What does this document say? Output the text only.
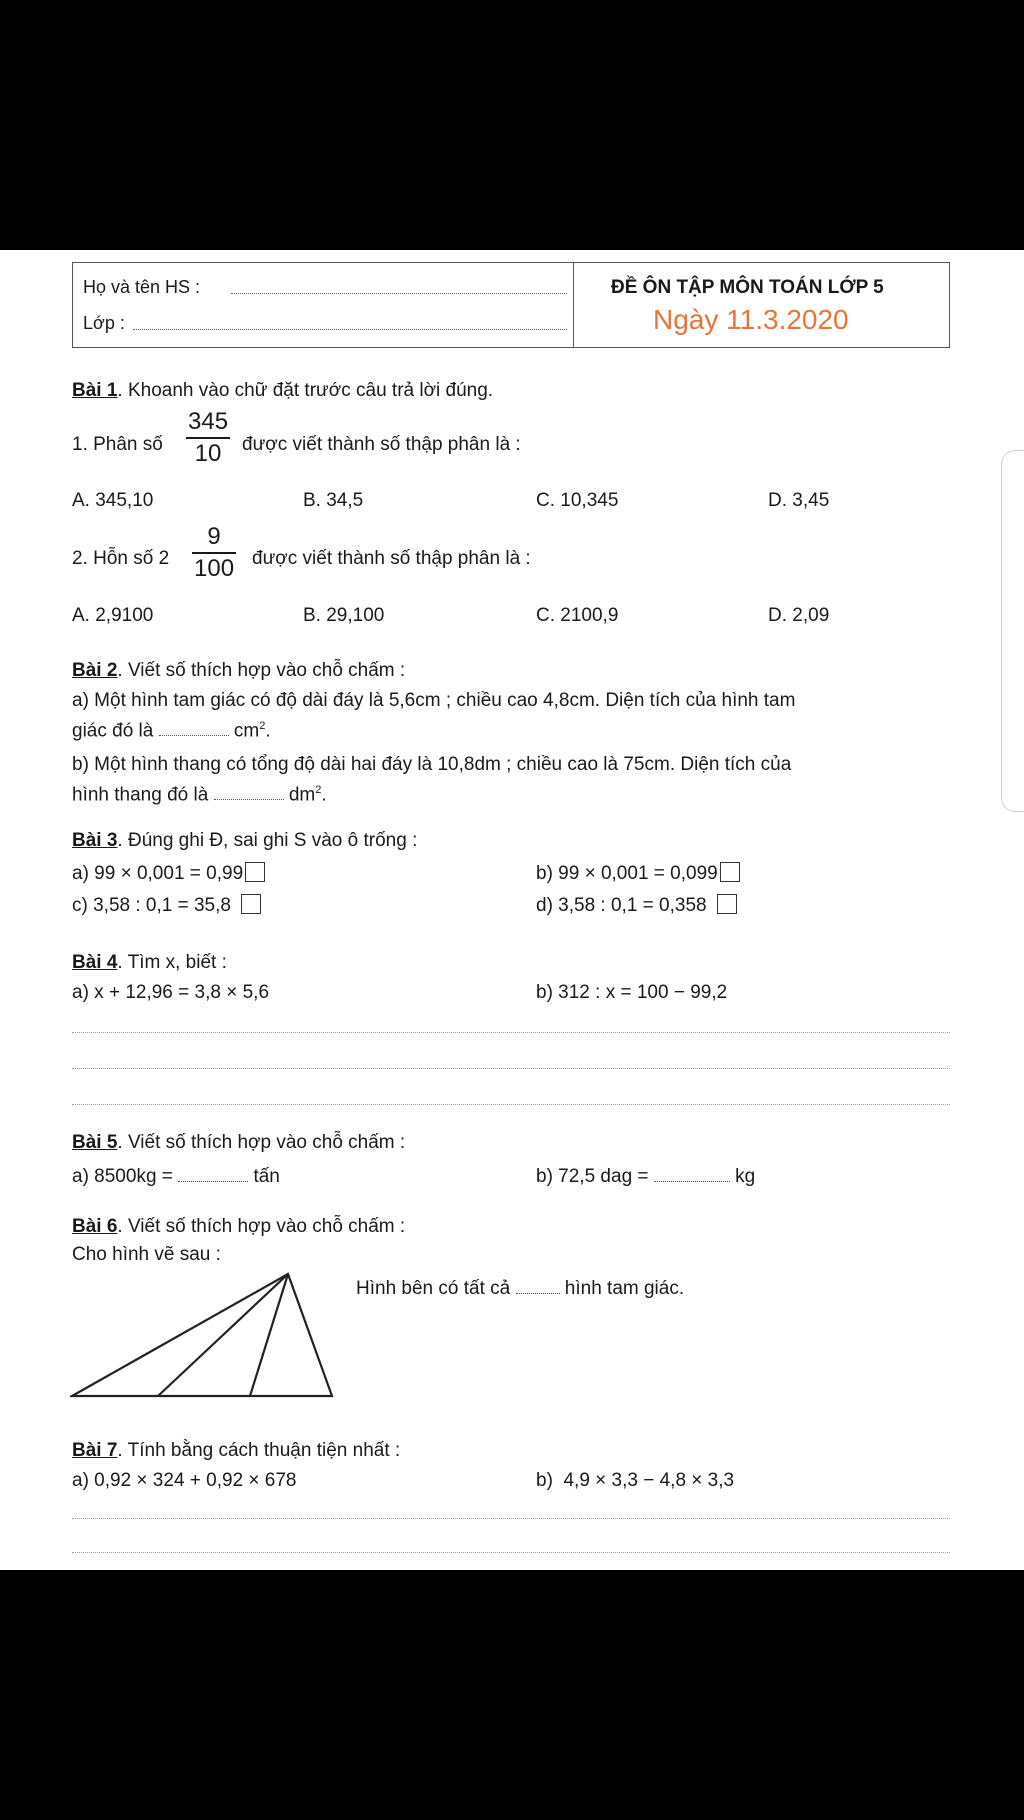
Họ và tên HS :
Lớp :
ĐỀ ÔN TẬP MÔN TOÁN LỚP 5
Ngày 11.3.2020
Bài 1. Khoanh vào chữ đặt trước câu trả lời đúng.
1. Phân số
345
10	được viết thành số thập phân là :
A. 345,10	B. 34,5	C. 10,345	D. 3,45
2. Hỗn số 2
9
100 được viết thành số thập phân là :
A. 2,9100	B. 29,100	C. 2100,9	D. 2,09
Bài 2. Viết số thích hợp vào chỗ chấm :
a) Một hình tam giác có độ dài đáy là 5,6cm ; chiều cao 4,8cm. Diện tích của hình tam
giác đó là	$cm^2$.
b) Một hình thang có tổng độ dài hai đáy là 10,8dm ; chiều cao là 75cm. Diện tích của
hình thang đó là	$dm^2$.
Bài 3. Đúng ghi Đ, sai ghi S vào ô trống :
a) 99 × 0,001 = 0,99	b) 99 × 0,001 = 0,099
c) 3,58 : 0,1 = 35,8	d) 3,58 : 0,1 = 0,358
Bài 4. Tìm x, biết :
a) x + 12,96 = 3,8 × 5,6	b) 312 : x = 100 − 99,2
Bài 5. Viết số thích hợp vào chỗ chấm :
a) 8500kg =	tấn	b) 72,5 dag =	kg
Bài 6. Viết số thích hợp vào chỗ chấm :
Cho hình vẽ sau :
Hình bên có tất cả	hình tam giác.
Bài 7. Tính bằng cách thuận tiện nhất :
a) 0,92 × 324 + 0,92 × 678	b) 4,9 × 3,3 − 4,8 × 3,3
